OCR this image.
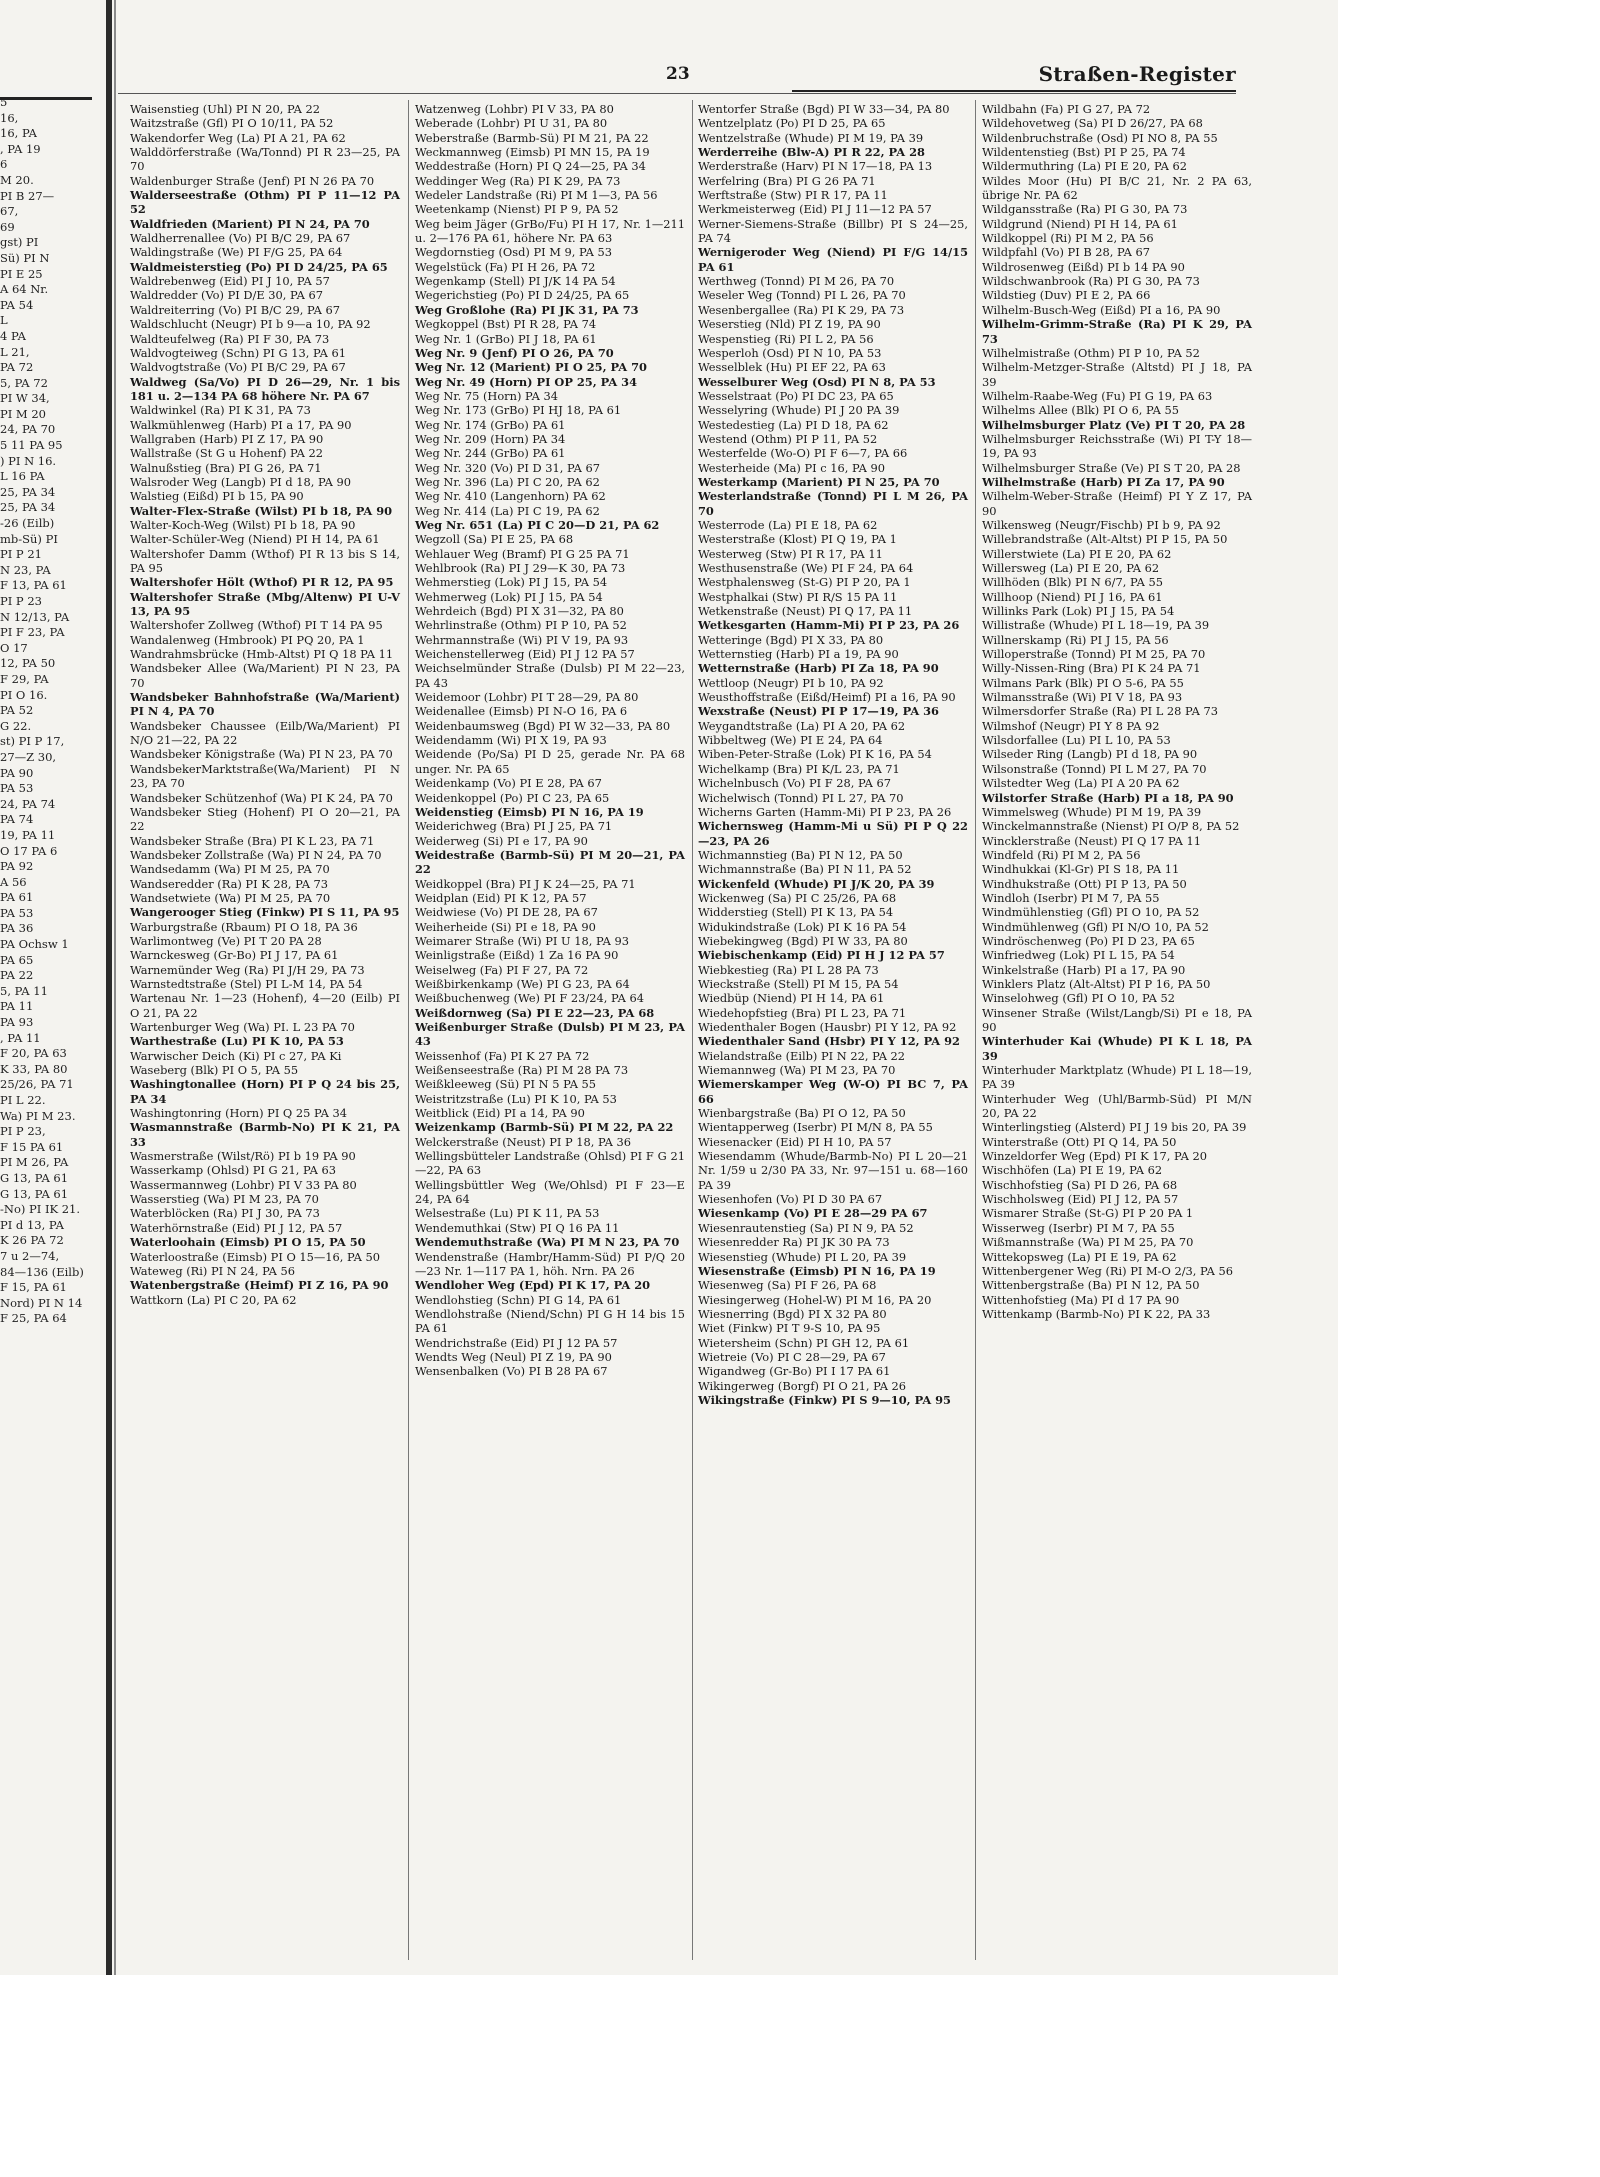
5
16,
16, PA
, PA 19
6
M 20.
PI B 27—
67,
69
gst) PI
Sü) PI N
PI E 25
A 64 Nr.
PA 54
L
4 PA
L 21,
PA 72
5, PA 72
PI W 34,
PI M 20
24, PA 70
5 11 PA 95
) PI N 16.
L 16 PA
25, PA 34
25, PA 34
-26 (Eilb)
mb-Sü) PI
PI P 21
N 23, PA
F 13, PA 61
PI P 23
N 12/13, PA
PI F 23, PA
O 17
12, PA 50
F 29, PA
PI O 16.
PA 52
G 22.
st) PI P 17,
27—Z 30,
PA 90
PA 53
24, PA 74
PA 74
19, PA 11
O 17 PA 6
PA 92
A 56
PA 61
PA 53
PA 36
PA Ochsw 1
PA 65
PA 22
5, PA 11
PA 11
PA 93
, PA 11
F 20, PA 63
K 33, PA 80
25/26, PA 71
PI L 22.
Wa) PI M 23.
PI P 23,
F 15 PA 61
PI M 26, PA
G 13, PA 61
G 13, PA 61
-No) PI IK 21.
PI d 13, PA
K 26 PA 72
7 u 2—74,
84—136 (Eilb)
F 15, PA 61
Nord) PI N 14
F 25, PA 64
23	Straßen-Register
Waisenstieg (Uhl) PI N 20, PA 22
Waitzstraße (Gfl) PI O 10/11, PA 52
Wakendorfer Weg (La) PI A 21, PA 62
Walddörferstraße (Wa/Tonnd) PI R 23—25, PA 70
Waldenburger Straße (Jenf) PI N 26 PA 70
Walderseestraße (Othm) PI P 11—12 PA 52
Waldfrieden (Marient) PI N 24, PA 70
Waldherrenallee (Vo) PI B/C 29, PA 67
Waldingstraße (We) PI F/G 25, PA 64
Waldmeisterstieg (Po) PI D 24/25, PA 65
Waldrebenweg (Eid) PI J 10, PA 57
Waldredder (Vo) PI D/E 30, PA 67
Waldreiterring (Vo) PI B/C 29, PA 67
Waldschlucht (Neugr) PI b 9—a 10, PA 92
Waldteufelweg (Ra) PI F 30, PA 73
Waldvogteiweg (Schn) PI G 13, PA 61
Waldvogtstraße (Vo) PI B/C 29, PA 67
Waldweg (Sa/Vo) PI D 26—29, Nr. 1 bis 181 u. 2—134 PA 68 höhere Nr. PA 67
Waldwinkel (Ra) PI K 31, PA 73
Walkmühlenweg (Harb) PI a 17, PA 90
Wallgraben (Harb) PI Z 17, PA 90
Wallstraße (St G u Hohenf) PA 22
Walnußstieg (Bra) PI G 26, PA 71
Walsroder Weg (Langb) PI d 18, PA 90
Walstieg (Eißd) PI b 15, PA 90
Walter-Flex-Straße (Wilst) PI b 18, PA 90
Walter-Koch-Weg (Wilst) PI b 18, PA 90
Walter-Schüler-Weg (Niend) PI H 14, PA 61
Waltershofer Damm (Wthof) PI R 13 bis S 14, PA 95
Waltershofer Hölt (Wthof) PI R 12, PA 95
Waltershofer Straße (Mbg/Altenw) PI U-V 13, PA 95
Waltershofer Zollweg (Wthof) PI T 14 PA 95
Wandalenweg (Hmbrook) PI PQ 20, PA 1
Wandrahmsbrücke (Hmb-Altst) PI Q 18 PA 11
Wandsbeker Allee (Wa/Marient) PI N 23, PA 70
Wandsbeker Bahnhofstraße (Wa/Marient) PI N 4, PA 70
Wandsbeker Chaussee (Eilb/Wa/Marient) PI N/O 21—22, PA 22
Wandsbeker Königstraße (Wa) PI N 23, PA 70
WandsbekerMarktstraße(Wa/Marient) PI N 23, PA 70
Wandsbeker Schützenhof (Wa) PI K 24, PA 70
Wandsbeker Stieg (Hohenf) PI O 20—21, PA 22
Wandsbeker Straße (Bra) PI K L 23, PA 71
Wandsbeker Zollstraße (Wa) PI N 24, PA 70
Wandsedamm (Wa) PI M 25, PA 70
Wandseredder (Ra) PI K 28, PA 73
Wandsetwiete (Wa) PI M 25, PA 70
Wangerooger Stieg (Finkw) PI S 11, PA 95
Warburgstraße (Rbaum) PI O 18, PA 36
Warlimontweg (Ve) PI T 20 PA 28
Warnckesweg (Gr-Bo) PI J 17, PA 61
Warnemünder Weg (Ra) PI J/H 29, PA 73
Warnstedtstraße (Stel) PI L-M 14, PA 54
Wartenau Nr. 1—23 (Hohenf), 4—20 (Eilb) PI O 21, PA 22
Wartenburger Weg (Wa) PI. L 23 PA 70
Warthestraße (Lu) PI K 10, PA 53
Warwischer Deich (Ki) PI c 27, PA Ki
Waseberg (Blk) PI O 5, PA 55
Washingtonallee (Horn) PI P Q 24 bis 25, PA 34
Washingtonring (Horn) PI Q 25 PA 34
Wasmannstraße (Barmb-No) PI K 21, PA 33
Wasmerstraße (Wilst/Rö) PI b 19 PA 90
Wasserkamp (Ohlsd) PI G 21, PA 63
Wassermannweg (Lohbr) PI V 33 PA 80
Wasserstieg (Wa) PI M 23, PA 70
Waterblöcken (Ra) PI J 30, PA 73
Waterhörnstraße (Eid) PI J 12, PA 57
Waterloohain (Eimsb) PI O 15, PA 50
Waterloostraße (Eimsb) PI O 15—16, PA 50
Wateweg (Ri) PI N 24, PA 56
Watenbergstraße (Heimf) PI Z 16, PA 90
Wattkorn (La) PI C 20, PA 62
Watzenweg (Lohbr) PI V 33, PA 80
Weberade (Lohbr) PI U 31, PA 80
Weberstraße (Barmb-Sü) PI M 21, PA 22
Weckmannweg (Eimsb) PI MN 15, PA 19
Weddestraße (Horn) PI Q 24—25, PA 34
Weddinger Weg (Ra) PI K 29, PA 73
Wedeler Landstraße (Ri) PI M 1—3, PA 56
Weetenkamp (Nienst) PI P 9, PA 52
Weg beim Jäger (GrBo/Fu) PI H 17, Nr. 1—211 u. 2—176 PA 61, höhere Nr. PA 63
Wegdornstieg (Osd) PI M 9, PA 53
Wegelstück (Fa) PI H 26, PA 72
Wegenkamp (Stell) PI J/K 14 PA 54
Wegerichstieg (Po) PI D 24/25, PA 65
Weg Großlohe (Ra) PI JK 31, PA 73
Wegkoppel (Bst) PI R 28, PA 74
Weg Nr. 1 (GrBo) PI J 18, PA 61
Weg Nr. 9 (Jenf) PI O 26, PA 70
Weg Nr. 12 (Marient) PI O 25, PA 70
Weg Nr. 49 (Horn) PI OP 25, PA 34
Weg Nr. 75 (Horn) PA 34
Weg Nr. 173 (GrBo) PI HJ 18, PA 61
Weg Nr. 174 (GrBo) PA 61
Weg Nr. 209 (Horn) PA 34
Weg Nr. 244 (GrBo) PA 61
Weg Nr. 320 (Vo) PI D 31, PA 67
Weg Nr. 396 (La) PI C 20, PA 62
Weg Nr. 410 (Langenhorn) PA 62
Weg Nr. 414 (La) PI C 19, PA 62
Weg Nr. 651 (La) PI C 20—D 21, PA 62
Wegzoll (Sa) PI E 25, PA 68
Wehlauer Weg (Bramf) PI G 25 PA 71
Wehlbrook (Ra) PI J 29—K 30, PA 73
Wehmerstieg (Lok) PI J 15, PA 54
Wehmerweg (Lok) PI J 15, PA 54
Wehrdeich (Bgd) PI X 31—32, PA 80
Wehrlinstraße (Othm) PI P 10, PA 52
Wehrmannstraße (Wi) PI V 19, PA 93
Weichenstellerweg (Eid) PI J 12 PA 57
Weichselmünder Straße (Dulsb) PI M 22—23, PA 43
Weidemoor (Lohbr) PI T 28—29, PA 80
Weidenallee (Eimsb) PI N-O 16, PA 6
Weidenbaumsweg (Bgd) PI W 32—33, PA 80
Weidendamm (Wi) PI X 19, PA 93
Weidende (Po/Sa) PI D 25, gerade Nr. PA 68 unger. Nr. PA 65
Weidenkamp (Vo) PI E 28, PA 67
Weidenkoppel (Po) PI C 23, PA 65
Weidenstieg (Eimsb) PI N 16, PA 19
Weiderichweg (Bra) PI J 25, PA 71
Weiderweg (Si) PI e 17, PA 90
Weidestraße (Barmb-Sü) PI M 20—21, PA 22
Weidkoppel (Bra) PI J K 24—25, PA 71
Weidplan (Eid) PI K 12, PA 57
Weidwiese (Vo) PI DE 28, PA 67
Weiherheide (Si) PI e 18, PA 90
Weimarer Straße (Wi) PI U 18, PA 93
Weinligstraße (Eißd) 1 Za 16 PA 90
Weiselweg (Fa) PI F 27, PA 72
Weißbirkenkamp (We) PI G 23, PA 64
Weißbuchenweg (We) PI F 23/24, PA 64
Weißdornweg (Sa) PI E 22—23, PA 68
Weißenburger Straße (Dulsb) PI M 23, PA 43
Weissenhof (Fa) PI K 27 PA 72
Weißenseestraße (Ra) PI M 28 PA 73
Weißkleeweg (Sü) PI N 5 PA 55
Weistritzstraße (Lu) PI K 10, PA 53
Weitblick (Eid) PI a 14, PA 90
Weizenkamp (Barmb-Sü) PI M 22, PA 22
Welckerstraße (Neust) PI P 18, PA 36
Wellingsbütteler Landstraße (Ohlsd) PI F G 21—22, PA 63
Wellingsbüttler Weg (We/Ohlsd) PI F 23—E 24, PA 64
Welsestraße (Lu) PI K 11, PA 53
Wendemuthkai (Stw) PI Q 16 PA 11
Wendemuthstraße (Wa) PI M N 23, PA 70
Wendenstraße (Hambr/Hamm-Süd) PI P/Q 20—23 Nr. 1—117 PA 1, höh. Nrn. PA 26
Wendloher Weg (Epd) PI K 17, PA 20
Wendlohstieg (Schn) PI G 14, PA 61
Wendlohstraße (Niend/Schn) PI G H 14 bis 15 PA 61
Wendrichstraße (Eid) PI J 12 PA 57
Wendts Weg (Neul) PI Z 19, PA 90
Wensenbalken (Vo) PI B 28 PA 67
Wentorfer Straße (Bgd) PI W 33—34, PA 80
Wentzelplatz (Po) PI D 25, PA 65
Wentzelstraße (Whude) PI M 19, PA 39
Werderreihe (Blw-A) PI R 22, PA 28
Werderstraße (Harv) PI N 17—18, PA 13
Werfelring (Bra) PI G 26 PA 71
Werftstraße (Stw) PI R 17, PA 11
Werkmeisterweg (Eid) PI J 11—12 PA 57
Werner-Siemens-Straße (Billbr) PI S 24—25, PA 74
Wernigeroder Weg (Niend) PI F/G 14/15 PA 61
Werthweg (Tonnd) PI M 26, PA 70
Weseler Weg (Tonnd) PI L 26, PA 70
Wesenbergallee (Ra) PI K 29, PA 73
Weserstieg (Nld) PI Z 19, PA 90
Wespenstieg (Ri) PI L 2, PA 56
Wesperloh (Osd) PI N 10, PA 53
Wesselblek (Hu) PI EF 22, PA 63
Wesselburer Weg (Osd) PI N 8, PA 53
Wesselstraat (Po) PI DC 23, PA 65
Wesselyring (Whude) PI J 20 PA 39
Westedestieg (La) PI D 18, PA 62
Westend (Othm) PI P 11, PA 52
Westerfelde (Wo-O) PI F 6—7, PA 66
Westerheide (Ma) PI c 16, PA 90
Westerkamp (Marient) PI N 25, PA 70
Westerlandstraße (Tonnd) PI L M 26, PA 70
Westerrode (La) PI E 18, PA 62
Westerstraße (Klost) PI Q 19, PA 1
Westerweg (Stw) PI R 17, PA 11
Westhusenstraße (We) PI F 24, PA 64
Westphalensweg (St-G) PI P 20, PA 1
Westphalkai (Stw) PI R/S 15 PA 11
Wetkenstraße (Neust) PI Q 17, PA 11
Wetkesgarten (Hamm-Mi) PI P 23, PA 26
Wetteringe (Bgd) PI X 33, PA 80
Wetternstieg (Harb) PI a 19, PA 90
Wetternstraße (Harb) PI Za 18, PA 90
Wettloop (Neugr) PI b 10, PA 92
Weusthoffstraße (Eißd/Heimf) PI a 16, PA 90
Wexstraße (Neust) PI P 17—19, PA 36
Weygandtstraße (La) PI A 20, PA 62
Wibbeltweg (We) PI E 24, PA 64
Wiben-Peter-Straße (Lok) PI K 16, PA 54
Wichelkamp (Bra) PI K/L 23, PA 71
Wichelnbusch (Vo) PI F 28, PA 67
Wichelwisch (Tonnd) PI L 27, PA 70
Wicherns Garten (Hamm-Mi) PI P 23, PA 26
Wichernsweg (Hamm-Mi u Sü) PI P Q 22—23, PA 26
Wichmannstieg (Ba) PI N 12, PA 50
Wichmannstraße (Ba) PI N 11, PA 52
Wickenfeld (Whude) PI J/K 20, PA 39
Wickenweg (Sa) PI C 25/26, PA 68
Widderstieg (Stell) PI K 13, PA 54
Widukindstraße (Lok) PI K 16 PA 54
Wiebekingweg (Bgd) PI W 33, PA 80
Wiebischenkamp (Eid) PI H J 12 PA 57
Wiebkestieg (Ra) PI L 28 PA 73
Wieckstraße (Stell) PI M 15, PA 54
Wiedbüp (Niend) PI H 14, PA 61
Wiedehopfstieg (Bra) PI L 23, PA 71
Wiedenthaler Bogen (Hausbr) PI Y 12, PA 92
Wiedenthaler Sand (Hsbr) PI Y 12, PA 92
Wielandstraße (Eilb) PI N 22, PA 22
Wiemannweg (Wa) PI M 23, PA 70
Wiemerskamper Weg (W-O) PI BC 7, PA 66
Wienbargstraße (Ba) PI O 12, PA 50
Wientapperweg (Iserbr) PI M/N 8, PA 55
Wiesenacker (Eid) PI H 10, PA 57
Wiesendamm (Whude/Barmb-No) PI L 20—21 Nr. 1/59 u 2/30 PA 33, Nr. 97—151 u. 68—160 PA 39
Wiesenhofen (Vo) PI D 30 PA 67
Wiesenkamp (Vo) PI E 28—29 PA 67
Wiesenrautenstieg (Sa) PI N 9, PA 52
Wiesenredder Ra) PI JK 30 PA 73
Wiesenstieg (Whude) PI L 20, PA 39
Wiesenstraße (Eimsb) PI N 16, PA 19
Wiesenweg (Sa) PI F 26, PA 68
Wiesingerweg (Hohel-W) PI M 16, PA 20
Wiesnerring (Bgd) PI X 32 PA 80
Wiet (Finkw) PI T 9-S 10, PA 95
Wietersheim (Schn) PI GH 12, PA 61
Wietreie (Vo) PI C 28—29, PA 67
Wigandweg (Gr-Bo) PI I 17 PA 61
Wikingerweg (Borgf) PI O 21, PA 26
Wikingstraße (Finkw) PI S 9—10, PA 95
Wildbahn (Fa) PI G 27, PA 72
Wildehovetweg (Sa) PI D 26/27, PA 68
Wildenbruchstraße (Osd) PI NO 8, PA 55
Wildentenstieg (Bst) PI P 25, PA 74
Wildermuthring (La) PI E 20, PA 62
Wildes Moor (Hu) PI B/C 21, Nr. 2 PA 63, übrige Nr. PA 62
Wildgansstraße (Ra) PI G 30, PA 73
Wildgrund (Niend) PI H 14, PA 61
Wildkoppel (Ri) PI M 2, PA 56
Wildpfahl (Vo) PI B 28, PA 67
Wildrosenweg (Eißd) PI b 14 PA 90
Wildschwanbrook (Ra) PI G 30, PA 73
Wildstieg (Duv) PI E 2, PA 66
Wilhelm-Busch-Weg (Eißd) PI a 16, PA 90
Wilhelm-Grimm-Straße (Ra) PI K 29, PA 73
Wilhelmistraße (Othm) PI P 10, PA 52
Wilhelm-Metzger-Straße (Altstd) PI J 18, PA 39
Wilhelm-Raabe-Weg (Fu) PI G 19, PA 63
Wilhelms Allee (Blk) PI O 6, PA 55
Wilhelmsburger Platz (Ve) PI T 20, PA 28
Wilhelmsburger Reichsstraße (Wi) PI T-Y 18—19, PA 93
Wilhelmsburger Straße (Ve) PI S T 20, PA 28
Wilhelmstraße (Harb) PI Za 17, PA 90
Wilhelm-Weber-Straße (Heimf) PI Y Z 17, PA 90
Wilkensweg (Neugr/Fischb) PI b 9, PA 92
Willebrandstraße (Alt-Altst) PI P 15, PA 50
Willerstwiete (La) PI E 20, PA 62
Willersweg (La) PI E 20, PA 62
Willhöden (Blk) PI N 6/7, PA 55
Willhoop (Niend) PI J 16, PA 61
Willinks Park (Lok) PI J 15, PA 54
Willistraße (Whude) PI L 18—19, PA 39
Willnerskamp (Ri) PI J 15, PA 56
Willoperstraße (Tonnd) PI M 25, PA 70
Willy-Nissen-Ring (Bra) PI K 24 PA 71
Wilmans Park (Blk) PI O 5-6, PA 55
Wilmansstraße (Wi) PI V 18, PA 93
Wilmersdorfer Straße (Ra) PI L 28 PA 73
Wilmshof (Neugr) PI Y 8 PA 92
Wilsdorfallee (Lu) PI L 10, PA 53
Wilseder Ring (Langb) PI d 18, PA 90
Wilsonstraße (Tonnd) PI L M 27, PA 70
Wilstedter Weg (La) PI A 20 PA 62
Wilstorfer Straße (Harb) PI a 18, PA 90
Wimmelsweg (Whude) PI M 19, PA 39
Winckelmannstraße (Nienst) PI O/P 8, PA 52
Wincklerstraße (Neust) PI Q 17 PA 11
Windfeld (Ri) PI M 2, PA 56
Windhukkai (Kl-Gr) PI S 18, PA 11
Windhukstraße (Ott) PI P 13, PA 50
Windloh (Iserbr) PI M 7, PA 55
Windmühlenstieg (Gfl) PI O 10, PA 52
Windmühlenweg (Gfl) PI N/O 10, PA 52
Windröschenweg (Po) PI D 23, PA 65
Winfriedweg (Lok) PI L 15, PA 54
Winkelstraße (Harb) PI a 17, PA 90
Winklers Platz (Alt-Altst) PI P 16, PA 50
Winselohweg (Gfl) PI O 10, PA 52
Winsener Straße (Wilst/Langb/Si) PI e 18, PA 90
Winterhuder Kai (Whude) PI K L 18, PA 39
Winterhuder Marktplatz (Whude) PI L 18—19, PA 39
Winterhuder Weg (Uhl/Barmb-Süd) PI M/N 20, PA 22
Winterlingstieg (Alsterd) PI J 19 bis 20, PA 39
Winterstraße (Ott) PI Q 14, PA 50
Winzeldorfer Weg (Epd) PI K 17, PA 20
Wischhöfen (La) PI E 19, PA 62
Wischhofstieg (Sa) PI D 26, PA 68
Wischholsweg (Eid) PI J 12, PA 57
Wismarer Straße (St-G) PI P 20 PA 1
Wisserweg (Iserbr) PI M 7, PA 55
Wißmannstraße (Wa) PI M 25, PA 70
Wittekopsweg (La) PI E 19, PA 62
Wittenbergener Weg (Ri) PI M-O 2/3, PA 56
Wittenbergstraße (Ba) PI N 12, PA 50
Wittenhofstieg (Ma) PI d 17 PA 90
Wittenkamp (Barmb-No) PI K 22, PA 33
